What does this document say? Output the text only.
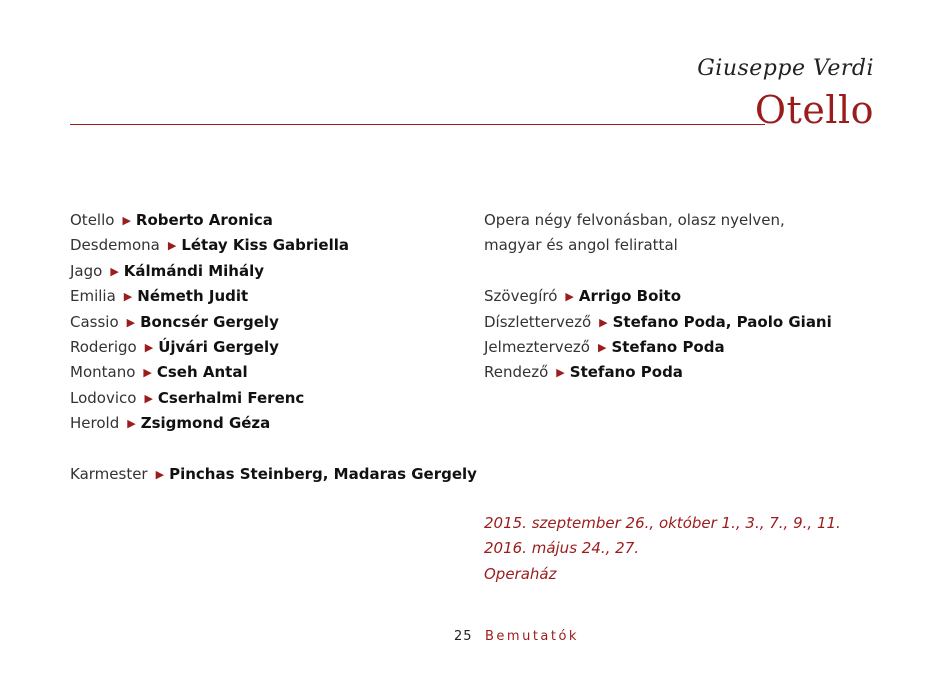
Giuseppe Verdi
Otello
Otello ▶ Roberto Aronica
Desdemona ▶ Létay Kiss Gabriella
Jago ▶ Kálmándi Mihály
Emilia ▶ Németh Judit
Cassio ▶ Boncsér Gergely
Roderigo ▶ Újvári Gergely
Montano ▶ Cseh Antal
Lodovico ▶ Cserhalmi Ferenc
Herold ▶ Zsigmond Géza
Karmester ▶ Pinchas Steinberg, Madaras Gergely
Opera négy felvonásban, olasz nyelven,
magyar és angol felirattal
Szövegíró ▶ Arrigo Boito
Díszlettervező ▶ Stefano Poda, Paolo Giani
Jelmeztervező ▶ Stefano Poda
Rendező ▶ Stefano Poda
2015. szeptember 26., október 1., 3., 7., 9., 11.
2016. május 24., 27.
Operaház
25 Bemutatók
